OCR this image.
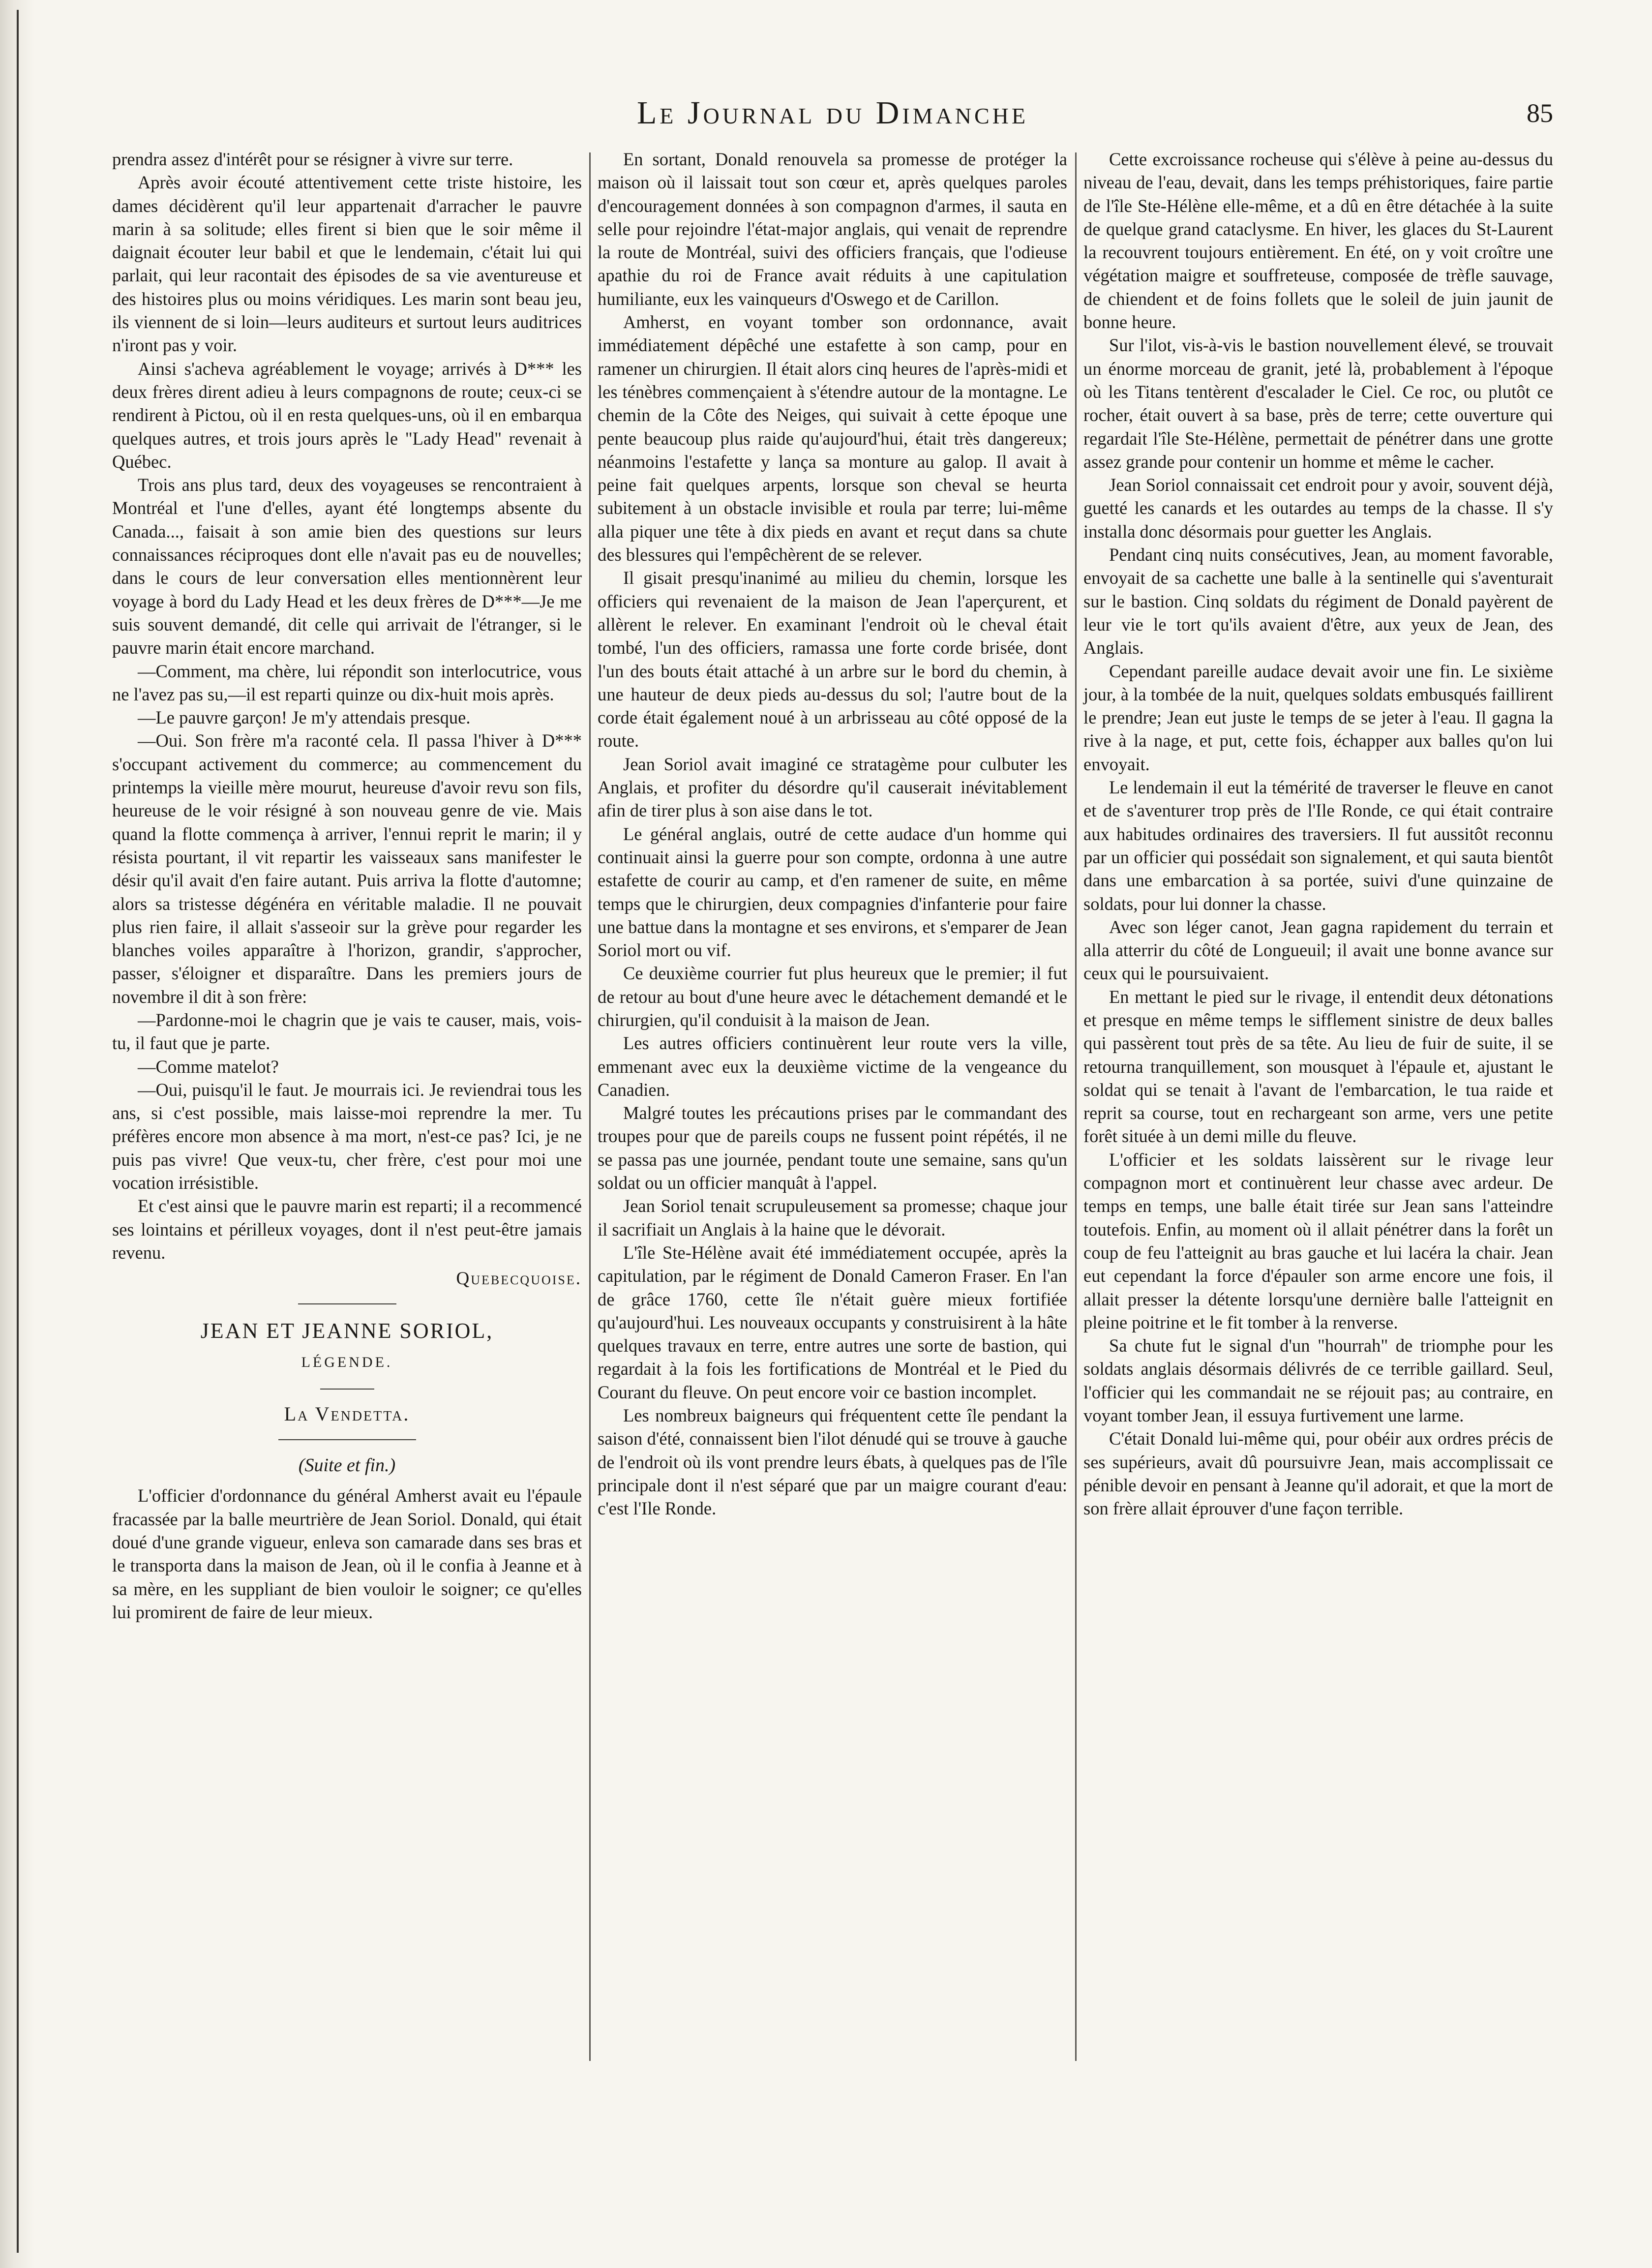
Le Journal du Dimanche	85

prendra assez d'intérêt pour se résigner à vivre sur terre.

Après avoir écouté attentivement cette triste histoire, les dames décidèrent qu'il leur appartenait d'arracher le pauvre marin à sa solitude; elles firent si bien que le soir même il daignait écouter leur babil et que le lendemain, c'était lui qui parlait, qui leur racontait des épisodes de sa vie aventureuse et des histoires plus ou moins véridiques. Les marin sont beau jeu, ils viennent de si loin—leurs auditeurs et surtout leurs auditrices n'iront pas y voir.

Ainsi s'acheva agréablement le voyage; arrivés à D*** les deux frères dirent adieu à leurs compagnons de route; ceux-ci se rendirent à Pictou, où il en resta quelques-uns, où il en embarqua quelques autres, et trois jours après le "Lady Head" revenait à Québec.

Trois ans plus tard, deux des voyageuses se rencontraient à Montréal et l'une d'elles, ayant été longtemps absente du Canada..., faisait à son amie bien des questions sur leurs connaissances réciproques dont elle n'avait pas eu de nouvelles; dans le cours de leur conversation elles mentionnèrent leur voyage à bord du Lady Head et les deux frères de D***—Je me suis souvent demandé, dit celle qui arrivait de l'étranger, si le pauvre marin était encore marchand.

—Comment, ma chère, lui répondit son interlocutrice, vous ne l'avez pas su,—il est reparti quinze ou dix-huit mois après.

—Le pauvre garçon! Je m'y attendais presque.

—Oui. Son frère m'a raconté cela. Il passa l'hiver à D*** s'occupant activement du commerce; au commencement du printemps la vieille mère mourut, heureuse d'avoir revu son fils, heureuse de le voir résigné à son nouveau genre de vie. Mais quand la flotte commença à arriver, l'ennui reprit le marin; il y résista pourtant, il vit repartir les vaisseaux sans manifester le désir qu'il avait d'en faire autant. Puis arriva la flotte d'automne; alors sa tristesse dégénéra en véritable maladie. Il ne pouvait plus rien faire, il allait s'asseoir sur la grève pour regarder les blanches voiles apparaître à l'horizon, grandir, s'approcher, passer, s'éloigner et disparaître. Dans les premiers jours de novembre il dit à son frère:

—Pardonne-moi le chagrin que je vais te causer, mais, vois-tu, il faut que je parte.

—Comme matelot?

—Oui, puisqu'il le faut. Je mourrais ici. Je reviendrai tous les ans, si c'est possible, mais laisse-moi reprendre la mer. Tu préfères encore mon absence à ma mort, n'est-ce pas? Ici, je ne puis pas vivre! Que veux-tu, cher frère, c'est pour moi une vocation irrésistible.

Et c'est ainsi que le pauvre marin est reparti; il a recommencé ses lointains et périlleux voyages, dont il n'est peut-être jamais revenu.

Quebecquoise.
JEAN ET JEANNE SORIOL,
LÉGENDE.
La Vendetta.
(Suite et fin.)

L'officier d'ordonnance du général Amherst avait eu l'épaule fracassée par la balle meurtrière de Jean Soriol. Donald, qui était doué d'une grande vigueur, enleva son camarade dans ses bras et le transporta dans la maison de Jean, où il le confia à Jeanne et à sa mère, en les suppliant de bien vouloir le soigner; ce qu'elles lui promirent de faire de leur mieux.

En sortant, Donald renouvela sa promesse de protéger la maison où il laissait tout son cœur et, après quelques paroles d'encouragement données à son compagnon d'armes, il sauta en selle pour rejoindre l'état-major anglais, qui venait de reprendre la route de Montréal, suivi des officiers français, que l'odieuse apathie du roi de France avait réduits à une capitulation humiliante, eux les vainqueurs d'Oswego et de Carillon.

Amherst, en voyant tomber son ordonnance, avait immédiatement dépêché une estafette à son camp, pour en ramener un chirurgien. Il était alors cinq heures de l'après-midi et les ténèbres commençaient à s'étendre autour de la montagne. Le chemin de la Côte des Neiges, qui suivait à cette époque une pente beaucoup plus raide qu'aujourd'hui, était très dangereux; néanmoins l'estafette y lança sa monture au galop. Il avait à peine fait quelques arpents, lorsque son cheval se heurta subitement à un obstacle invisible et roula par terre; lui-même alla piquer une tête à dix pieds en avant et reçut dans sa chute des blessures qui l'empêchèrent de se relever.

Il gisait presqu'inanimé au milieu du chemin, lorsque les officiers qui revenaient de la maison de Jean l'aperçurent, et allèrent le relever. En examinant l'endroit où le cheval était tombé, l'un des officiers, ramassa une forte corde brisée, dont l'un des bouts était attaché à un arbre sur le bord du chemin, à une hauteur de deux pieds au-dessus du sol; l'autre bout de la corde était également noué à un arbrisseau au côté opposé de la route.

Jean Soriol avait imaginé ce stratagème pour culbuter les Anglais, et profiter du désordre qu'il causerait inévitablement afin de tirer plus à son aise dans le tot.

Le général anglais, outré de cette audace d'un homme qui continuait ainsi la guerre pour son compte, ordonna à une autre estafette de courir au camp, et d'en ramener de suite, en même temps que le chirurgien, deux compagnies d'infanterie pour faire une battue dans la montagne et ses environs, et s'emparer de Jean Soriol mort ou vif.

Ce deuxième courrier fut plus heureux que le premier; il fut de retour au bout d'une heure avec le détachement demandé et le chirurgien, qu'il conduisit à la maison de Jean.

Les autres officiers continuèrent leur route vers la ville, emmenant avec eux la deuxième victime de la vengeance du Canadien.

Malgré toutes les précautions prises par le commandant des troupes pour que de pareils coups ne fussent point répétés, il ne se passa pas une journée, pendant toute une semaine, sans qu'un soldat ou un officier manquât à l'appel.

Jean Soriol tenait scrupuleusement sa promesse; chaque jour il sacrifiait un Anglais à la haine que le dévorait.

L'île Ste-Hélène avait été immédiatement occupée, après la capitulation, par le régiment de Donald Cameron Fraser. En l'an de grâce 1760, cette île n'était guère mieux fortifiée qu'aujourd'hui. Les nouveaux occupants y construisirent à la hâte quelques travaux en terre, entre autres une sorte de bastion, qui regardait à la fois les fortifications de Montréal et le Pied du Courant du fleuve. On peut encore voir ce bastion incomplet.

Les nombreux baigneurs qui fréquentent cette île pendant la saison d'été, connaissent bien l'ilot dénudé qui se trouve à gauche de l'endroit où ils vont prendre leurs ébats, à quelques pas de l'île principale dont il n'est séparé que par un maigre courant d'eau: c'est l'Ile Ronde.

Cette excroissance rocheuse qui s'élève à peine au-dessus du niveau de l'eau, devait, dans les temps préhistoriques, faire partie de l'île Ste-Hélène elle-même, et a dû en être détachée à la suite de quelque grand cataclysme. En hiver, les glaces du St-Laurent la recouvrent toujours entièrement. En été, on y voit croître une végétation maigre et souffreteuse, composée de trèfle sauvage, de chiendent et de foins follets que le soleil de juin jaunit de bonne heure.

Sur l'ilot, vis-à-vis le bastion nouvellement élevé, se trouvait un énorme morceau de granit, jeté là, probablement à l'époque où les Titans tentèrent d'escalader le Ciel. Ce roc, ou plutôt ce rocher, était ouvert à sa base, près de terre; cette ouverture qui regardait l'île Ste-Hélène, permettait de pénétrer dans une grotte assez grande pour contenir un homme et même le cacher.

Jean Soriol connaissait cet endroit pour y avoir, souvent déjà, guetté les canards et les outardes au temps de la chasse. Il s'y installa donc désormais pour guetter les Anglais.

Pendant cinq nuits consécutives, Jean, au moment favorable, envoyait de sa cachette une balle à la sentinelle qui s'aventurait sur le bastion. Cinq soldats du régiment de Donald payèrent de leur vie le tort qu'ils avaient d'être, aux yeux de Jean, des Anglais.

Cependant pareille audace devait avoir une fin. Le sixième jour, à la tombée de la nuit, quelques soldats embusqués faillirent le prendre; Jean eut juste le temps de se jeter à l'eau. Il gagna la rive à la nage, et put, cette fois, échapper aux balles qu'on lui envoyait.

Le lendemain il eut la témérité de traverser le fleuve en canot et de s'aventurer trop près de l'Ile Ronde, ce qui était contraire aux habitudes ordinaires des traversiers. Il fut aussitôt reconnu par un officier qui possédait son signalement, et qui sauta bientôt dans une embarcation à sa portée, suivi d'une quinzaine de soldats, pour lui donner la chasse.

Avec son léger canot, Jean gagna rapidement du terrain et alla atterrir du côté de Longueuil; il avait une bonne avance sur ceux qui le poursuivaient.

En mettant le pied sur le rivage, il entendit deux détonations et presque en même temps le sifflement sinistre de deux balles qui passèrent tout près de sa tête. Au lieu de fuir de suite, il se retourna tranquillement, son mousquet à l'épaule et, ajustant le soldat qui se tenait à l'avant de l'embarcation, le tua raide et reprit sa course, tout en rechargeant son arme, vers une petite forêt située à un demi mille du fleuve.

L'officier et les soldats laissèrent sur le rivage leur compagnon mort et continuèrent leur chasse avec ardeur. De temps en temps, une balle était tirée sur Jean sans l'atteindre toutefois. Enfin, au moment où il allait pénétrer dans la forêt un coup de feu l'atteignit au bras gauche et lui lacéra la chair. Jean eut cependant la force d'épauler son arme encore une fois, il allait presser la détente lorsqu'une dernière balle l'atteignit en pleine poitrine et le fit tomber à la renverse.

Sa chute fut le signal d'un "hourrah" de triomphe pour les soldats anglais désormais délivrés de ce terrible gaillard. Seul, l'officier qui les commandait ne se réjouit pas; au contraire, en voyant tomber Jean, il essuya furtivement une larme.

C'était Donald lui-même qui, pour obéir aux ordres précis de ses supérieurs, avait dû poursuivre Jean, mais accomplissait ce pénible devoir en pensant à Jeanne qu'il adorait, et que la mort de son frère allait éprouver d'une façon terrible.
